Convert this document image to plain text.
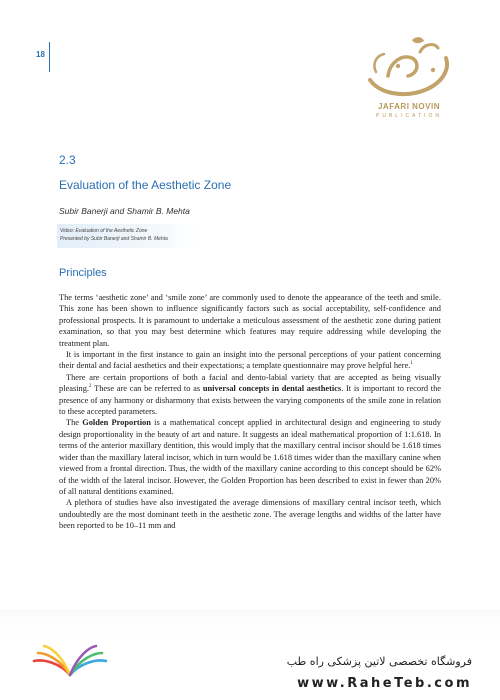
18
JAFARI NOVIN
PUBLICATION
2.3
Evaluation of the Aesthetic Zone
Subir Banerji and Shamir B. Mehta
Video: Evaluation of the Aesthetic Zone
Presented by Subir Banerji and Shamir B. Mehta
Principles

The terms ‘aesthetic zone’ and ‘smile zone’ are commonly used to denote the appearance of the teeth and smile. This zone has been shown to influence significantly factors such as social acceptability, self-confidence and professional prospects. It is paramount to undertake a meticulous assessment of the aesthetic zone during patient examination, so that you may best determine which features may require addressing while developing the treatment plan.

It is important in the first instance to gain an insight into the personal perceptions of your patient concerning their dental and facial aesthetics and their expectations; a template questionnaire may prove helpful here.$^1$

There are certain proportions of both a facial and dento-labial variety that are accepted as being visually pleasing.$^2$ These are can be referred to as universal concepts in dental aesthetics. It is important to record the presence of any harmony or disharmony that exists between the varying components of the smile zone in relation to these accepted parameters.

The Golden Proportion is a mathematical concept applied in architectural design and engineering to study design proportionality in the beauty of art and nature. It suggests an ideal mathematical proportion of 1:1.618. In terms of the anterior maxillary dentition, this would imply that the maxillary central incisor should be 1.618 times wider than the maxillary lateral incisor, which in turn would be 1.618 times wider than the maxillary canine when viewed from a frontal direction. Thus, the width of the maxillary canine according to this concept should be 62% of the width of the lateral incisor. However, the Golden Proportion has been described to exist in fewer than 20% of all natural dentitions examined.

A plethora of studies have also investigated the average dimensions of maxillary central incisor teeth, which undoubtedly are the most dominant teeth in the aesthetic zone. The average lengths and widths of the latter have been reported to be 10–11 mm and

فروشگاه تخصصی لاتین پزشکی راه طب
www.RaheTeb.com
